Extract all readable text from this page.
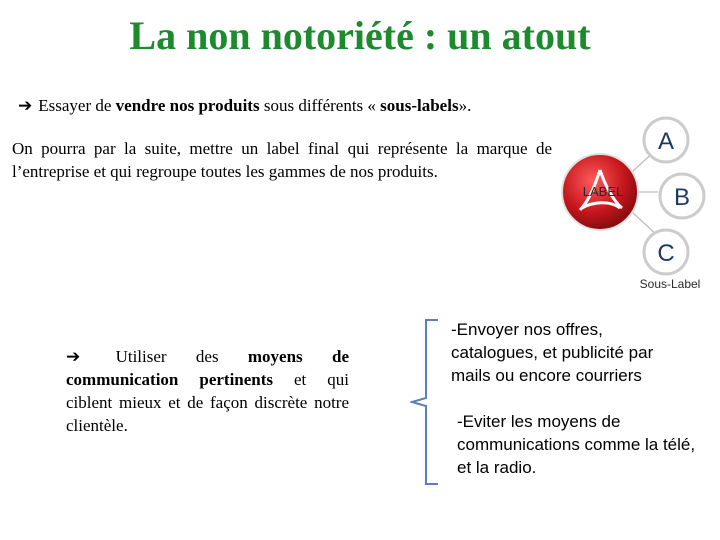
La non notoriété : un atout
➔ Essayer de vendre nos produits sous différents « sous-labels».
On pourra par la suite, mettre un label final qui représente la marque de l’entreprise et qui regroupe toutes les gammes de nos produits.
LABEL
A
B
C
Sous-Label
➔ Utiliser des moyens de communication pertinents et qui ciblent mieux et de façon discrète notre clientèle.
-Envoyer nos offres, catalogues, et publicité par mails ou encore courriers
-Eviter les moyens de communications comme la télé, et la radio.
